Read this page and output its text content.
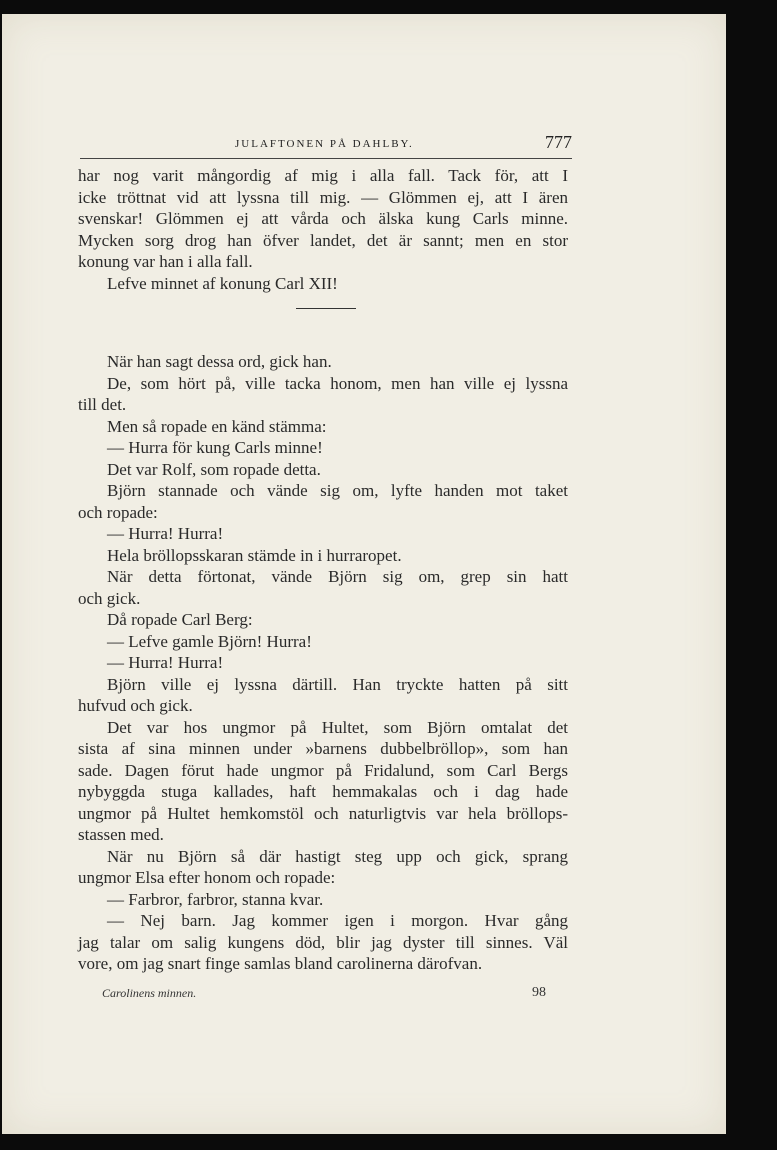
JULAFTONEN PÅ DAHLBY.	777
har nog varit mångordig af mig i alla fall. Tack för, att I
icke tröttnat vid att lyssna till mig. — Glömmen ej, att I ären
svenskar! Glömmen ej att vårda och älska kung Carls minne.
Mycken sorg drog han öfver landet, det är sannt; men en stor
konung var han i alla fall.
Lefve minnet af konung Carl XII!
När han sagt dessa ord, gick han.
De, som hört på, ville tacka honom, men han ville ej lyssna
till det.
Men så ropade en känd stämma:
— Hurra för kung Carls minne!
Det var Rolf, som ropade detta.
Björn stannade och vände sig om, lyfte handen mot taket
och ropade:
— Hurra! Hurra!
Hela bröllopsskaran stämde in i hurraropet.
När detta förtonat, vände Björn sig om, grep sin hatt
och gick.
Då ropade Carl Berg:
— Lefve gamle Björn! Hurra!
— Hurra! Hurra!
Björn ville ej lyssna därtill. Han tryckte hatten på sitt
hufvud och gick.
Det var hos ungmor på Hultet, som Björn omtalat det
sista af sina minnen under »barnens dubbelbröllop», som han
sade. Dagen förut hade ungmor på Fridalund, som Carl Bergs
nybyggda stuga kallades, haft hemmakalas och i dag hade
ungmor på Hultet hemkomstöl och naturligtvis var hela bröllops-
stassen med.
När nu Björn så där hastigt steg upp och gick, sprang
ungmor Elsa efter honom och ropade:
— Farbror, farbror, stanna kvar.
— Nej barn. Jag kommer igen i morgon. Hvar gång
jag talar om salig kungens död, blir jag dyster till sinnes. Väl
vore, om jag snart finge samlas bland carolinerna därofvan.
Carolinens minnen.	98
